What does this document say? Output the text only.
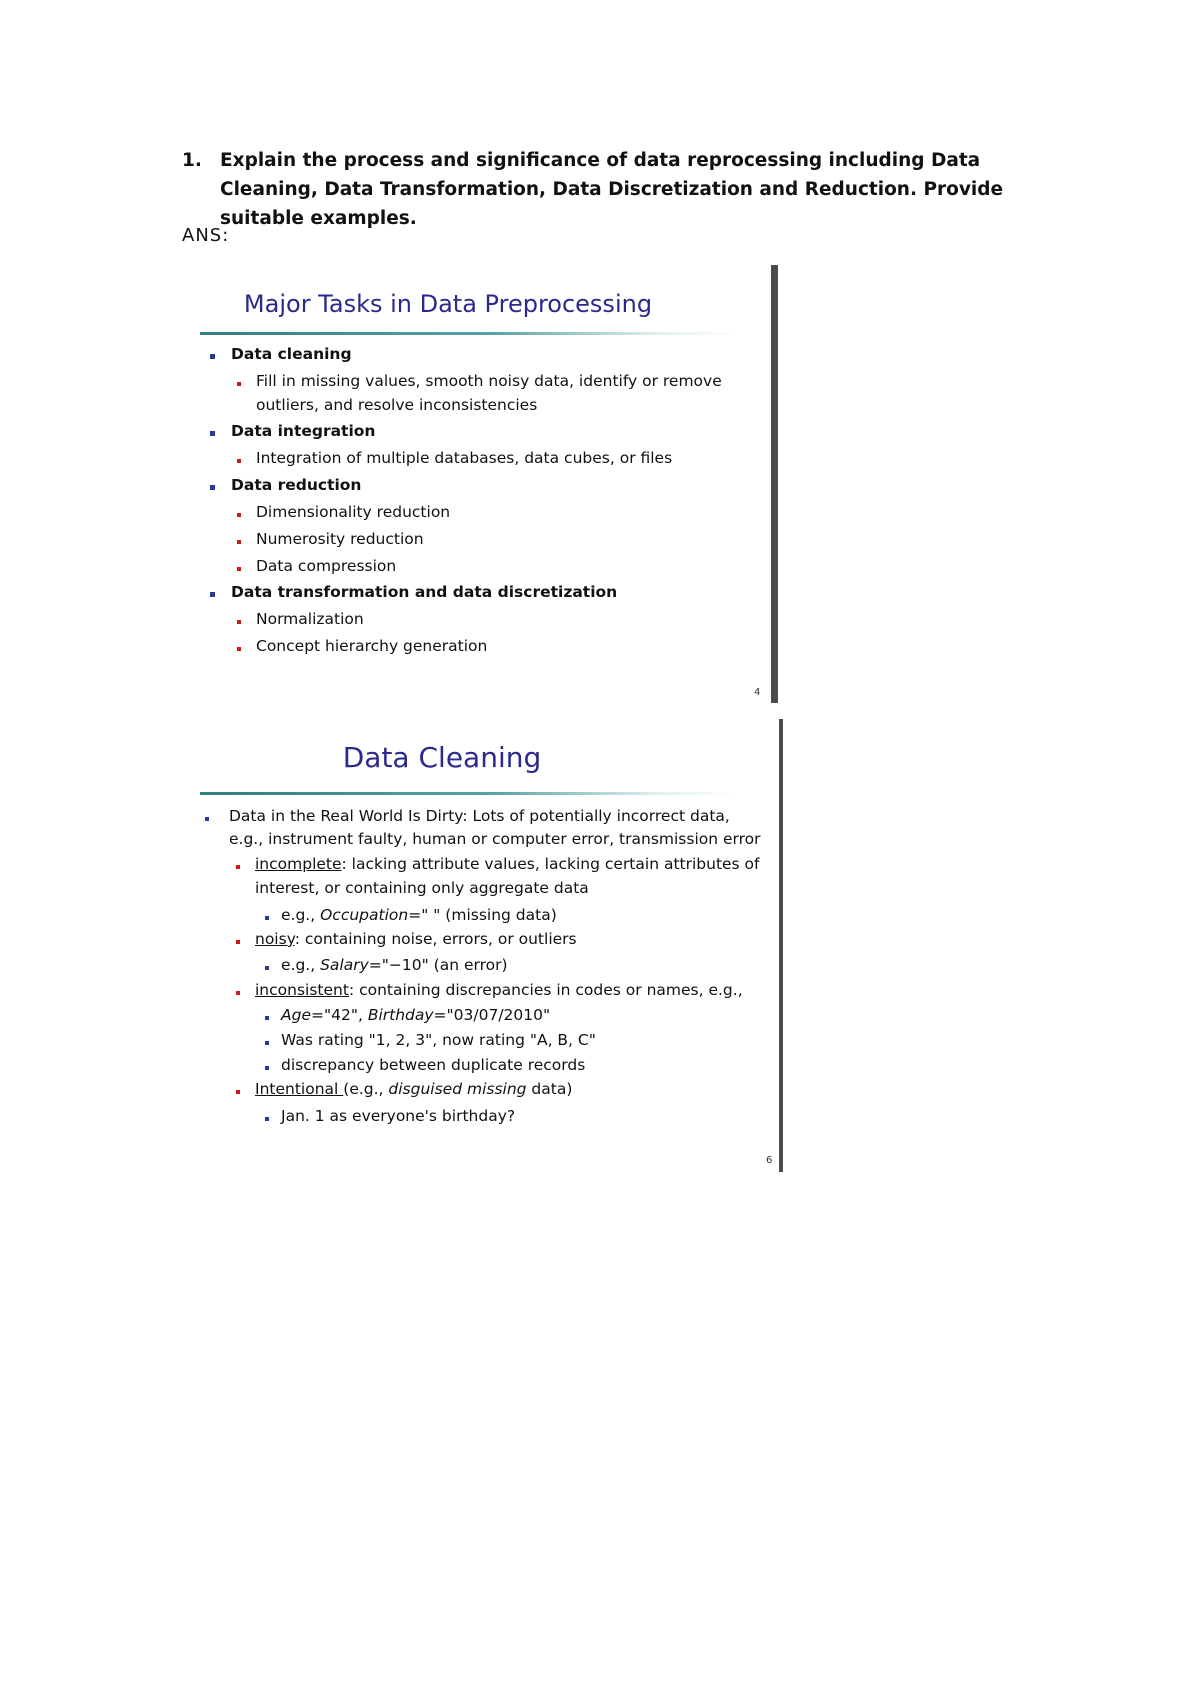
1. Explain the process and significance of data reprocessing including Data Cleaning, Data Transformation, Data Discretization and Reduction. Provide suitable examples.
ANS:
Major Tasks in Data Preprocessing
4
Data cleaning
Fill in missing values, smooth noisy data, identify or remove
outliers, and resolve inconsistencies
Data integration
Integration of multiple databases, data cubes, or files
Data reduction
Dimensionality reduction
Numerosity reduction
Data compression
Data transformation and data discretization
Normalization
Concept hierarchy generation
Data Cleaning
6
Data in the Real World Is Dirty: Lots of potentially incorrect data,
e.g., instrument faulty, human or computer error, transmission error
incomplete: lacking attribute values, lacking certain attributes of
interest, or containing only aggregate data
e.g., Occupation=" " (missing data)
noisy: containing noise, errors, or outliers
e.g., Salary="−10" (an error)
inconsistent: containing discrepancies in codes or names, e.g.,
Age="42", Birthday="03/07/2010"
Was rating "1, 2, 3", now rating "A, B, C"
discrepancy between duplicate records
Intentional (e.g., disguised missing data)
Jan. 1 as everyone's birthday?
